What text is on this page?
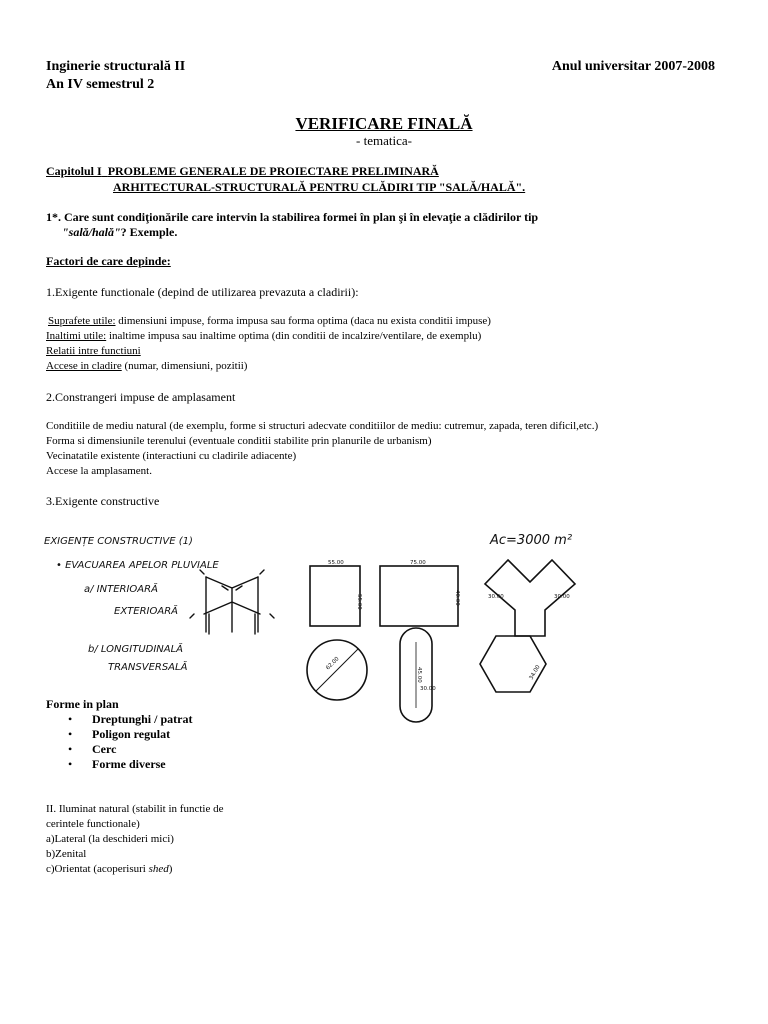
Inginerie structurală II
An IV semestrul 2
Anul universitar 2007-2008
VERIFICARE FINALĂ
- tematica-
Capitolul I PROBLEME GENERALE DE PROIECTARE PRELIMINARĂ
ARHITECTURAL-STRUCTURALĂ PENTRU CLĂDIRI TIP "SALĂ/HALĂ".
1*. Care sunt condiţionările care intervin la stabilirea formei în plan şi în elevaţie a clădirilor tip
"sală/hală"? Exemple.
Factori de care depinde:
1.Exigente functionale (depind de utilizarea prevazuta a cladirii):
Suprafete utile: dimensiuni impuse, forma impusa sau forma optima (daca nu exista conditii impuse)
Inaltimi utile: inaltime impusa sau inaltime optima (din conditii de incalzire/ventilare, de exemplu)
Relatii intre functiuni
Accese in cladire (numar, dimensiuni, pozitii)
2.Constrangeri impuse de amplasament
Conditiile de mediu natural (de exemplu, forme si structuri adecvate conditiilor de mediu: cutremur, zapada, teren dificil,etc.)
Forma si dimensiunile terenului (eventuale conditii stabilite prin planurile de urbanism)
Vecinatatile existente (interactiuni cu cladirile adiacente)
Accese la amplasament.
3.Exigente constructive
EXIGENȚE CONSTRUCTIVE (1)
• EVACUAREA APELOR PLUVIALE
a/ INTERIOARĂ
EXTERIOARĂ
b/ LONGITUDINALĂ
TRANSVERSALĂ
Ac=3000 m²
55.00
55.00
75.00
40.00	30.00	30.00
62.00
45.00
30.00
34.00
Forme in plan
• Dreptunghi / patrat
• Poligon regulat
• Cerc
• Forme diverse
II. Iluminat natural (stabilit in functie de
cerintele functionale)
a)Lateral (la deschideri mici)
b)Zenital
c)Orientat (acoperisuri shed)
